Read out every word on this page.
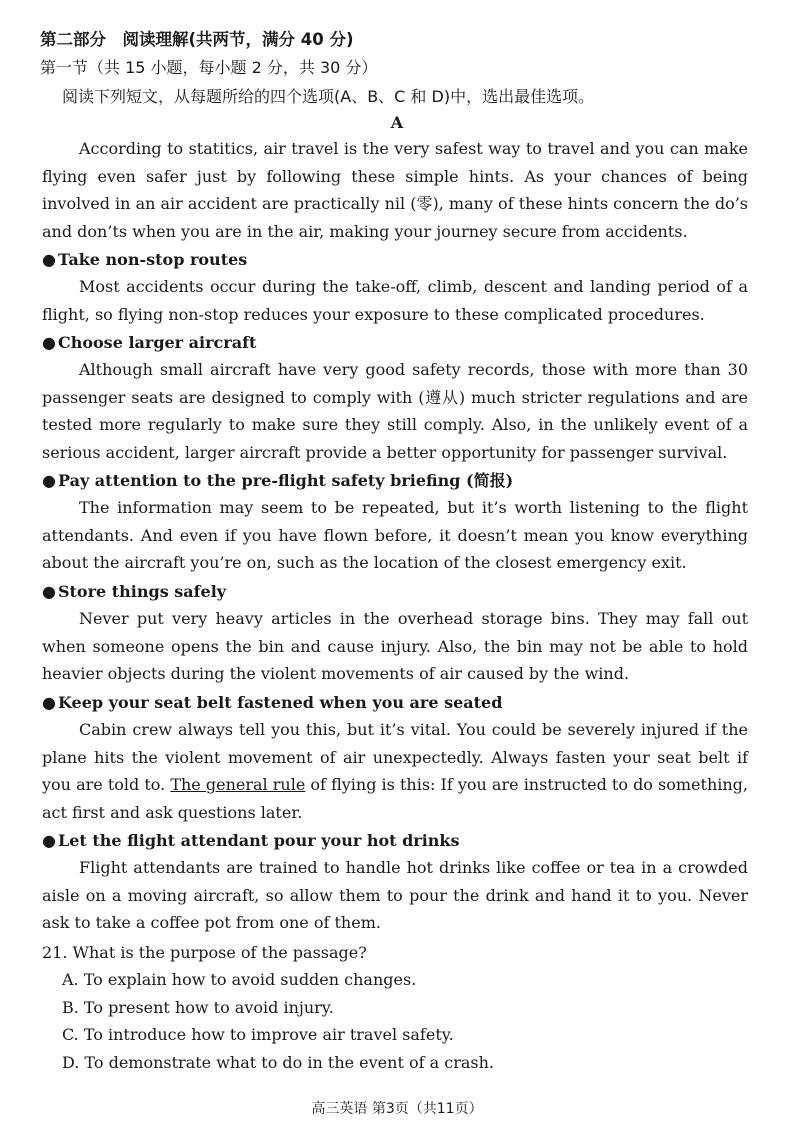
第二部分　阅读理解(共两节，满分 40 分)
第一节（共 15 小题，每小题 2 分，共 30 分）
阅读下列短文，从每题所给的四个选项(A、B、C 和 D)中，选出最佳选项。
A

According to statitics, air travel is the very safest way to travel and you can make flying even safer just by following these simple hints. As your chances of being involved in an air accident are practically nil (零), many of these hints concern the do’s and don’ts when you are in the air, making your journey secure from accidents.

● Take non-stop routes

Most accidents occur during the take-off, climb, descent and landing period of a flight, so flying non-stop reduces your exposure to these complicated procedures.

● Choose larger aircraft

Although small aircraft have very good safety records, those with more than 30 passenger seats are designed to comply with (遵从) much stricter regulations and are tested more regularly to make sure they still comply. Also, in the unlikely event of a serious accident, larger aircraft provide a better opportunity for passenger survival.

● Pay attention to the pre-flight safety briefing (简报)

The information may seem to be repeated, but it’s worth listening to the flight attendants. And even if you have flown before, it doesn’t mean you know everything about the aircraft you’re on, such as the location of the closest emergency exit.

● Store things safely

Never put very heavy articles in the overhead storage bins. They may fall out when someone opens the bin and cause injury. Also, the bin may not be able to hold heavier objects during the violent movements of air caused by the wind.

● Keep your seat belt fastened when you are seated

Cabin crew always tell you this, but it’s vital. You could be severely injured if the plane hits the violent movement of air unexpectedly. Always fasten your seat belt if you are told to. The general rule of flying is this: If you are instructed to do something, act first and ask questions later.

● Let the flight attendant pour your hot drinks

Flight attendants are trained to handle hot drinks like coffee or tea in a crowded aisle on a moving aircraft, so allow them to pour the drink and hand it to you. Never ask to take a coffee pot from one of them.

21. What is the purpose of the passage?
A. To explain how to avoid sudden changes.
B. To present how to avoid injury.
C. To introduce how to improve air travel safety.
D. To demonstrate what to do in the event of a crash.
高三英语 第3页（共11页）
